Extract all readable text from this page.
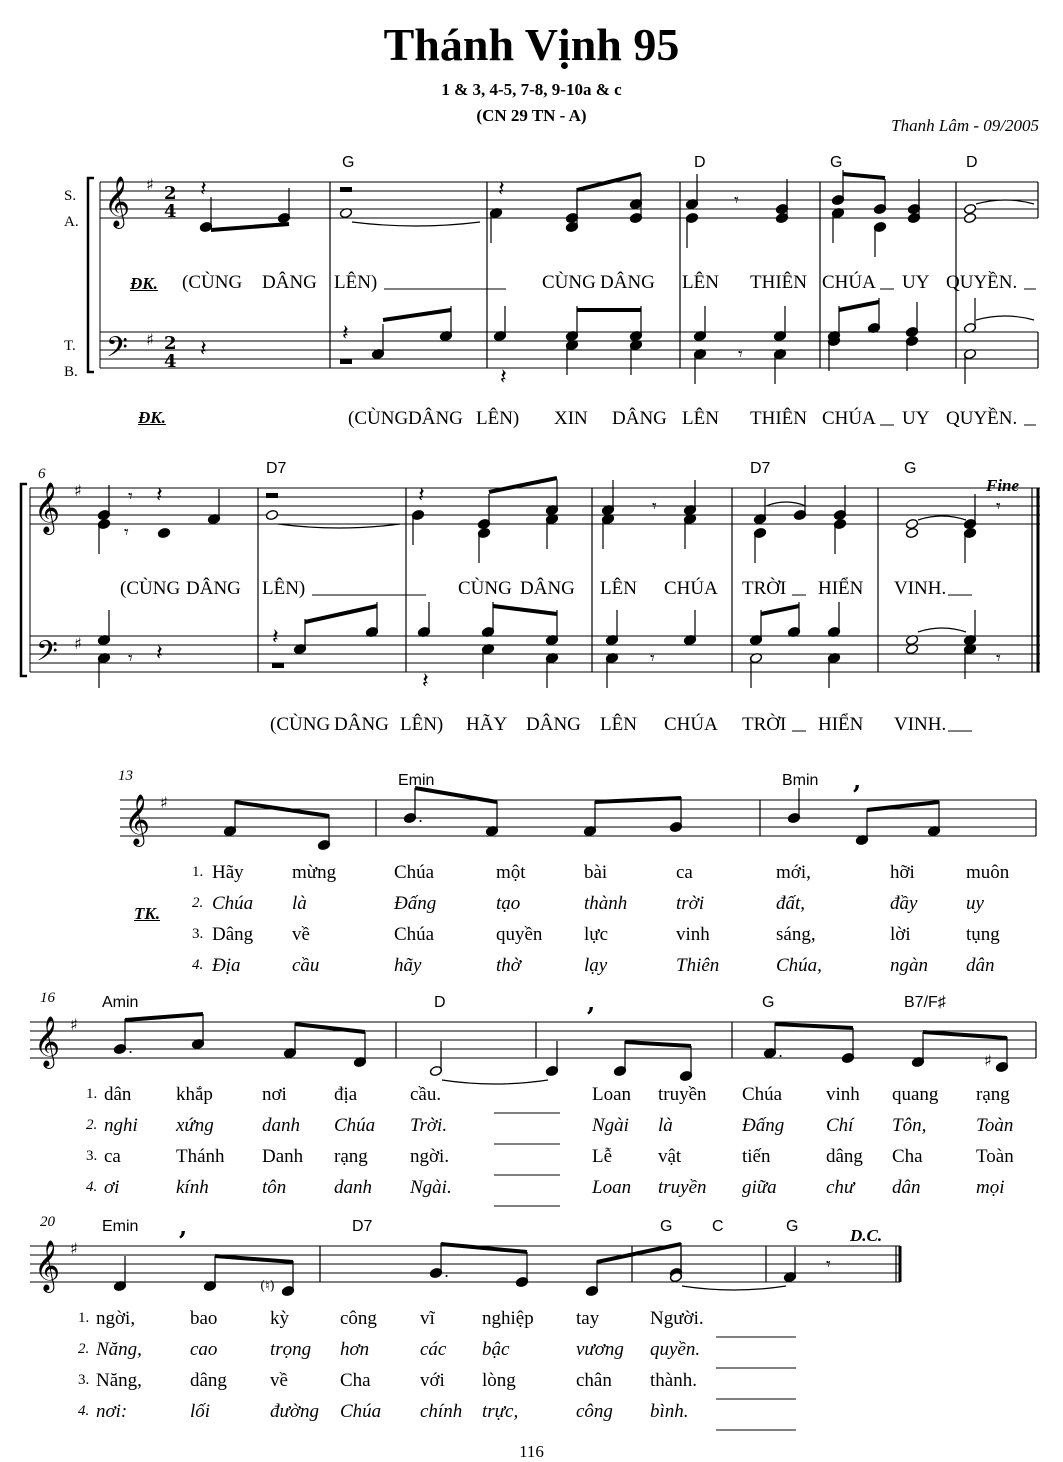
Thánh Vịnh 95
1 & 3, 4-5, 7-8, 9-10a & c
(CN 29 TN - A)
Thanh Lâm - 09/2005
S.
A.
T.
B.
𝄞 ♯
𝄢 ♯
2
4
2
4
𝄽	𝄽	𝄾
𝄽
𝄽
𝄽
𝄾
𝄞 ♯
𝄢 ♯
𝄾 𝄽
𝄾
𝄽	𝄾	𝄾
𝄾 𝄽
𝄽
𝄽
𝄾	𝄾
𝄞 ♯
.
’
𝄞 ♯
.
’
.	♯
𝄞 ♯	’
(♮)
.	𝄾
6
13
16
20
G	D	G	D
D7	D7	G
Fine
ĐK. (CÙNG DÂNG LÊN)	CÙNG DÂNG LÊN THIÊN CHÚA UY QUYỀN.
ĐK.	(CÙNG DÂNG LÊN) XIN DÂNG LÊN THIÊN CHÚA UY QUYỀN.
(CÙNG DÂNG LÊN)	CÙNG DÂNG LÊN CHÚA TRỜI HIỂN VINH.
(CÙNG DÂNG LÊN) HÃY DÂNG LÊN CHÚA TRỜI HIỂN VINH.
Emin	Bmin
Amin	D	G	B7/F♯
Emin	D7	G C	G	D.C.
TK.
1. Hãy	mừng	Chúa	một	bài	ca	mới,	hỡi	muôn
2. Chúa là	Đấng	tạo	thành	trời	đất,	đầy	uy
3. Dâng về	Chúa	quyền lực	vinh	sáng,	lời	tụng
4. Địa	cầu	hãy	thờ	lạy	Thiên	Chúa,	ngàn dân
1. dân khắp	nơi địa	cầu.	Loan truyền Chúa vinh quang rạng
2. nghi xứng	danh Chúa Trời.	Ngài là	Đấng Chí Tôn,	Toàn
3. ca	Thánh Danh rạng ngời.	Lễ vật	tiến	dâng Cha	Toàn
4. ơi	kính	tôn	danh Ngài.	Loan truyền giữa	chư dân	mọi
1. ngời,	bao	kỳ	công vĩ nghiệp tay	Người.
2. Năng,	cao	trọng hơn	các bậc	vương quyền.
3. Năng,	dâng về	Cha	với lòng	chân thành.
4. nơi:	lối	đường Chúa chính trực,	công bình.
116
